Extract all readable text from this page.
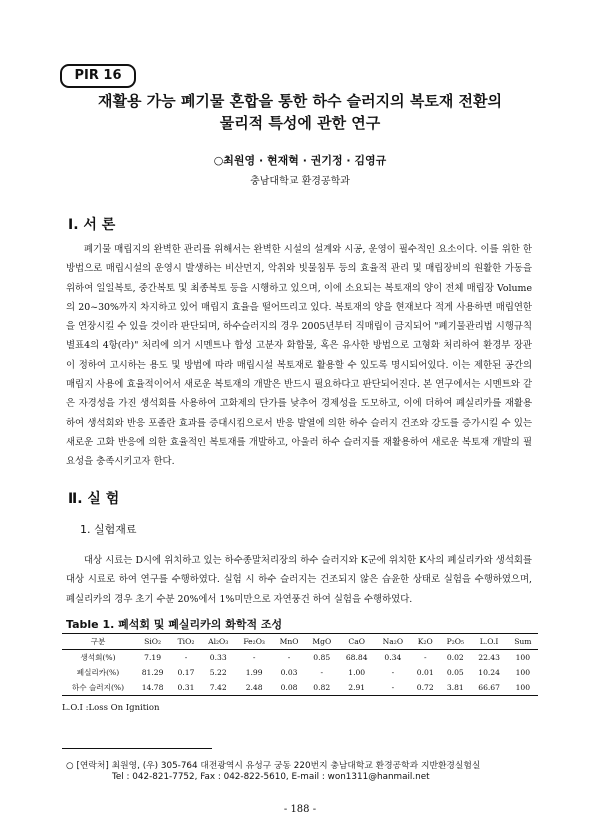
PIR 16
재활용 가능 폐기물 혼합을 통한 하수 슬러지의 복토재 전환의
물리적 특성에 관한 연구
○최원영 · 현재혁 · 권기정 · 김영규
충남대학교 환경공학과
Ⅰ. 서 론

폐기물 매립지의 완벽한 관리를 위해서는 완벽한 시설의 설계와 시공, 운영이 필수적인 요소이다. 이를 위한 한 방법으로 매립시설의 운영시 발생하는 비산먼지, 악취와 빗물침투 등의 효율적 관리 및 매립장비의 원활한 가동을 위하여 일일복토, 중간복토 및 최종복토 등을 시행하고 있으며, 이에 소요되는 복토재의 양이 전체 매립장 Volume의 20~30%까지 차지하고 있어 매립지 효율을 떨어뜨리고 있다. 복토재의 양을 현재보다 적게 사용하면 매립연한을 연장시킬 수 있을 것이라 판단되며, 하수슬러지의 경우 2005년부터 직매립이 금지되어 "폐기물관리법 시행규칙 별표4의 4항(라)" 처리에 의거 시멘트나 합성 고분자 화합물, 혹은 유사한 방법으로 고형화 처리하여 환경부 장관이 정하여 고시하는 용도 및 방법에 따라 매립시설 복토재로 활용할 수 있도록 명시되어있다. 이는 제한된 공간의 매립지 사용에 효율적이어서 새로운 복토재의 개발은 반드시 필요하다고 판단되어진다. 본 연구에서는 시멘트와 같은 자경성을 가진 생석회를 사용하여 고화제의 단가를 낮추어 경제성을 도모하고, 이에 더하여 폐실리카를 재활용하여 생석회와 반응 포졸란 효과를 증대시킴으로서 반응 발열에 의한 하수 슬러지 건조와 강도를 증가시킬 수 있는 새로운 고화 반응에 의한 효율적인 복토재를 개발하고, 아울러 하수 슬러지를 재활용하여 새로운 복토재 개발의 필요성을 충족시키고자 한다.

Ⅱ. 실 험
1. 실험재료

대상 시료는 D시에 위치하고 있는 하수종말처리장의 하수 슬러지와 K군에 위치한 K사의 폐실리카와 생석회를 대상 시료로 하여 연구를 수행하였다. 실험 시 하수 슬러지는 건조되지 않은 습윤한 상태로 실험을 수행하였으며, 폐실리카의 경우 초기 수분 20%에서 1%미만으로 자연풍건 하여 실험을 수행하였다.

Table 1. 폐석회 및 폐실리카의 화학적 조성
구분	SiO₂	TiO₂	Al₂O₃	Fe₂O₃	MnO	MgO	CaO	Na₂O	K₂O	P₂O₅	L.O.I	Sum
생석회(%)	7.19	-	0.33	-	-	0.85	68.84	0.34	-	0.02	22.43	100
폐실리카(%)	81.29	0.17	5.22	1.99	0.03	-	1.00	-	0.01	0.05	10.24	100
하수 슬러지(%)	14.78	0.31	7.42	2.48	0.08	0.82	2.91	-	0.72	3.81	66.67	100
L.O.I :Loss On Ignition
○ [연락처] 최원영, (우) 305-764 대전광역시 유성구 궁동 220번지 충남대학교 환경공학과 지반환경실험실
Tel : 042-821-7752, Fax : 042-822-5610, E-mail : won1311@hanmail.net
- 188 -
